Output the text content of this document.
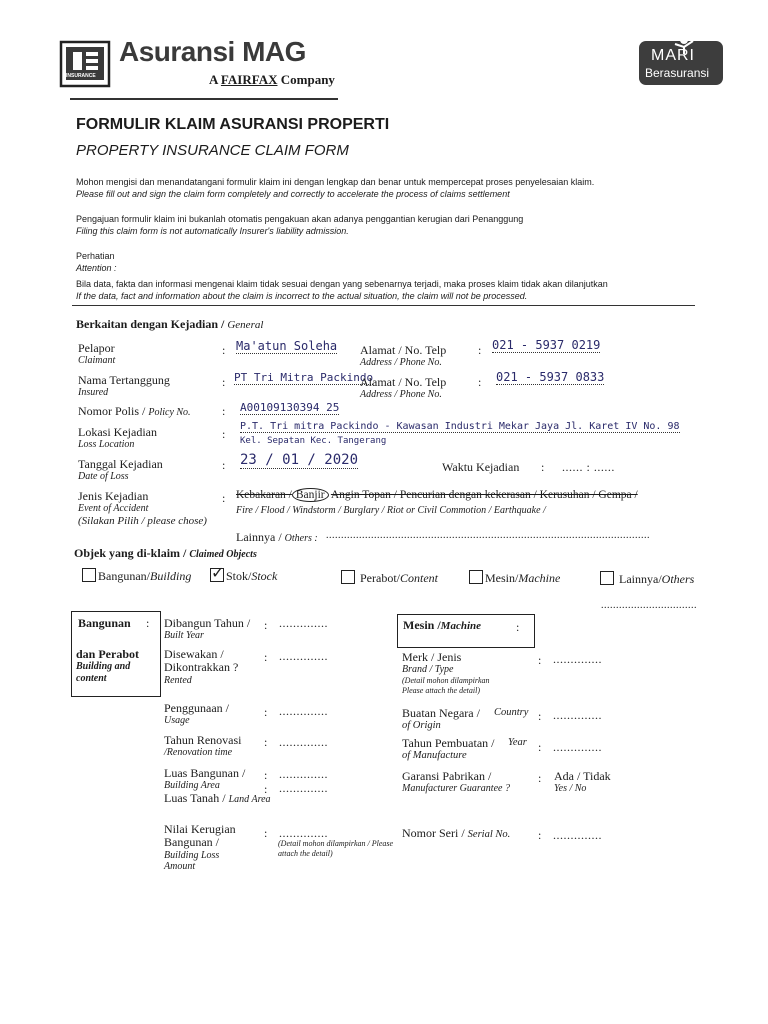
INSURANCE
Asuransi MAG
A FAIRFAX Company
MARI
Berasuransi
FORMULIR KLAIM ASURANSI PROPERTI
PROPERTY INSURANCE CLAIM FORM
Mohon mengisi dan menandatangani formulir klaim ini dengan lengkap dan benar untuk mempercepat proses penyelesaian klaim.
Please fill out and sign the claim form completely and correctly to accelerate the process of claims settlement
Pengajuan formulir klaim ini bukanlah otomatis pengakuan akan adanya penggantian kerugian dari Penanggung
Filing this claim form is not automatically Insurer's liability admission.
Perhatian
Attention :
Bila data, fakta dan informasi mengenai klaim tidak sesuai dengan yang sebenarnya terjadi, maka proses klaim tidak akan dilanjutkan
If the data, fact and information about the claim is incorrect to the actual situation, the claim will not be processed.
Berkaitan dengan Kejadian / General
Pelapor
Claimant
: Ma'atun Soleha Alamat / No. Telp
Address / Phone No.
: 021 - 5937 0219
Nama Tertanggung
Insured
: PT Tri Mitra Packindo
Alamat / No. Telp
Address / Phone No.
: 021 - 5937 0833
Nomor Polis / Policy No.	: A00109130394 25
Lokasi Kejadian
Loss Location
:
P.T. Tri mitra Packindo - Kawasan Industri Mekar Jaya Jl. Karet IV No. 98
Kel. Sepatan Kec. Tangerang
Tanggal Kejadian
Date of Loss
: 23 / 01 / 2020	Waktu Kejadian : ...... : ......
Jenis Kejadian
Event of Accident
(Silakan Pilih / please chose)
: Kebakaran / Banjir Angin Topan / Pencurian dengan kekerasan / Kerusuhan / Gempa /
Fire / Flood / Windstorm / Burglary / Riot or Civil Commotion / Earthquake /
Lainnya / Others : ............................................................................................................
Objek yang di-klaim / Claimed Objects
Bangunan/Building
✓	Stok/Stock	Perabot/Content	Mesin/Machine	Lainnya/Others
................................
Bangunan :
dan Perabot
Building and content
Dibangun Tahun /
Built Year
: ..............
Disewakan / Dikontrakkan ?
Rented
: ..............
Penggunaan /
Usage
: ..............
Tahun Renovasi
/Renovation time
: ..............
Luas Bangunan /
Building Area
: ..............
Luas Tanah / Land Area
: ..............
Nilai Kerugian Bangunan /
Building Loss Amount
: ..............
(Detail mohon dilampirkan / Please attach the detail)
Mesin /Machine	:
Merk / Jenis
Brand / Type
(Detail mohon dilampirkan Please attach the detail)
: ..............
Buatan Negara /	Country of Origin
: ..............
Tahun Pembuatan /	Year of Manufacture
: ..............
Garansi Pabrikan /
Manufacturer Guarantee ?
: Ada / Tidak
Yes / No
Nomor Seri / Serial No. : ..............
